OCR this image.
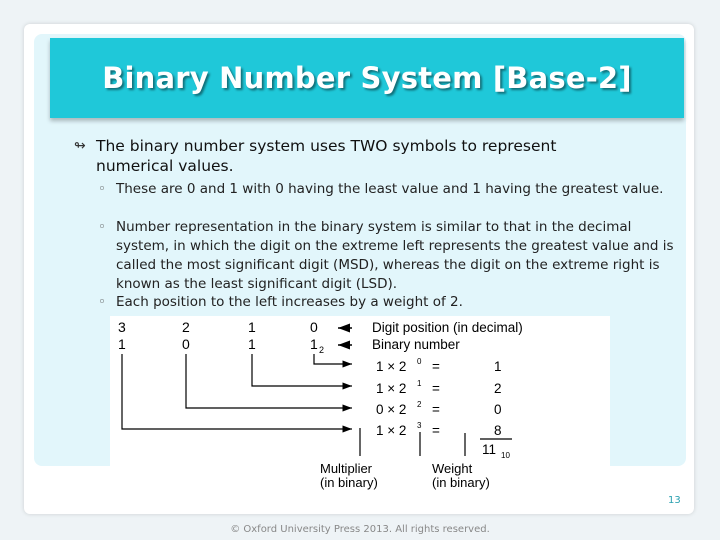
Binary Number System [Base-2]
↬ The binary number system uses TWO symbols to represent numerical values.
◦ These are 0 and 1 with 0 having the least value and 1 having the greatest value.
◦ Number representation in the binary system is similar to that in the decimal system, in which the digit on the extreme left represents the greatest value and is called the most significant digit (MSD), whereas the digit on the extreme right is known as the least significant digit (LSD).
◦ Each position to the left increases by a weight of 2.
3	2	1	0	Digit position (in decimal)
1	0	1	1 2	Binary number
1 × 2 0 =	1
1 × 2 1 =	2
0 × 2 2 =	0
1 × 2 3 =	8
11 10
Multiplier
(in binary)
Weight
(in binary)
13
© Oxford University Press 2013. All rights reserved.
